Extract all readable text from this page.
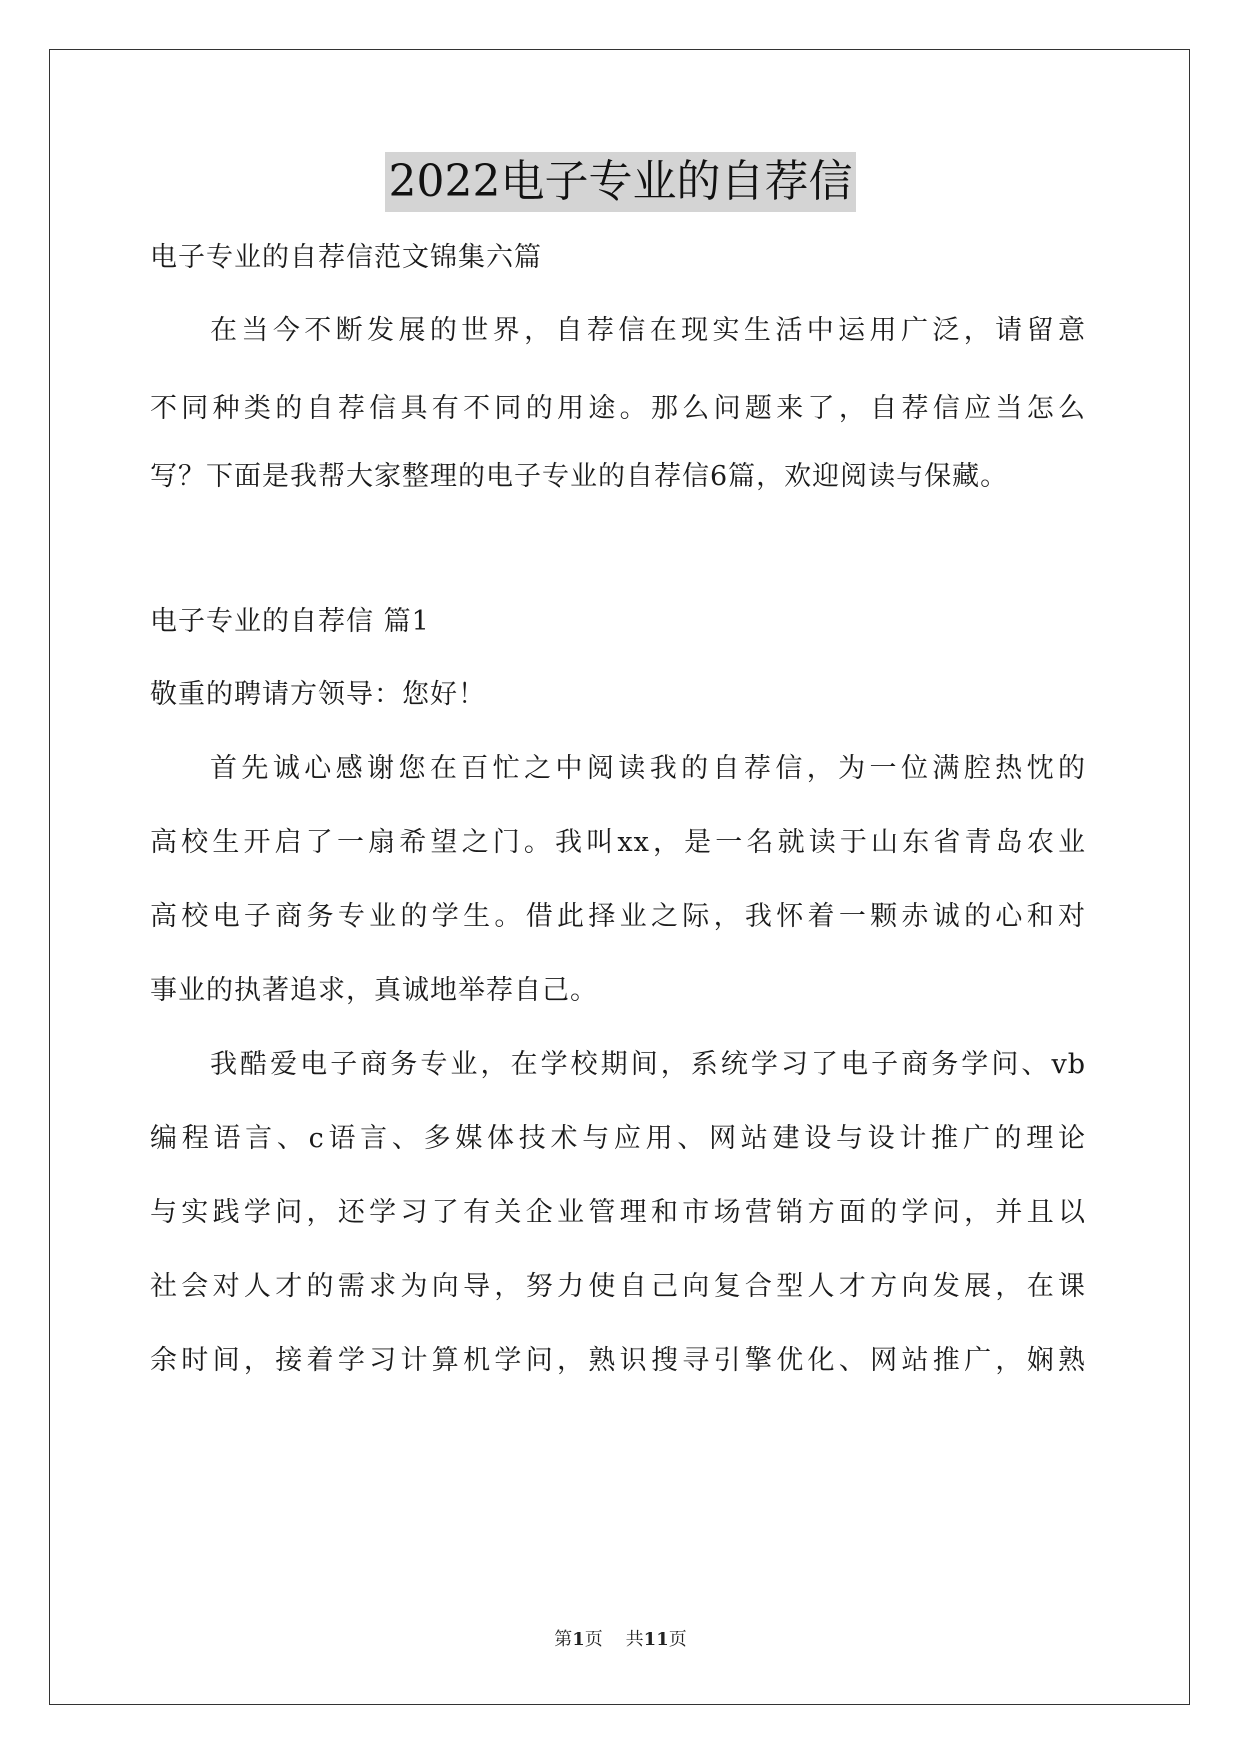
2022电子专业的自荐信
电子专业的自荐信范文锦集六篇
在当今不断发展的世界，自荐信在现实生活中运用广泛，请留意
不同种类的自荐信具有不同的用途。那么问题来了，自荐信应当怎么
写？下面是我帮大家整理的电子专业的自荐信6篇，欢迎阅读与保藏。
电子专业的自荐信 篇1
敬重的聘请方领导：您好！
首先诚心感谢您在百忙之中阅读我的自荐信，为一位满腔热忱的
高校生开启了一扇希望之门。我叫xx，是一名就读于山东省青岛农业
高校电子商务专业的学生。借此择业之际，我怀着一颗赤诚的心和对
事业的执著追求，真诚地举荐自己。
我酷爱电子商务专业，在学校期间，系统学习了电子商务学问、vb
编程语言、c语言、多媒体技术与应用、网站建设与设计推广的理论
与实践学问，还学习了有关企业管理和市场营销方面的学问，并且以
社会对人才的需求为向导，努力使自己向复合型人才方向发展，在课
余时间，接着学习计算机学问，熟识搜寻引擎优化、网站推广，娴熟
第1页 共11页
